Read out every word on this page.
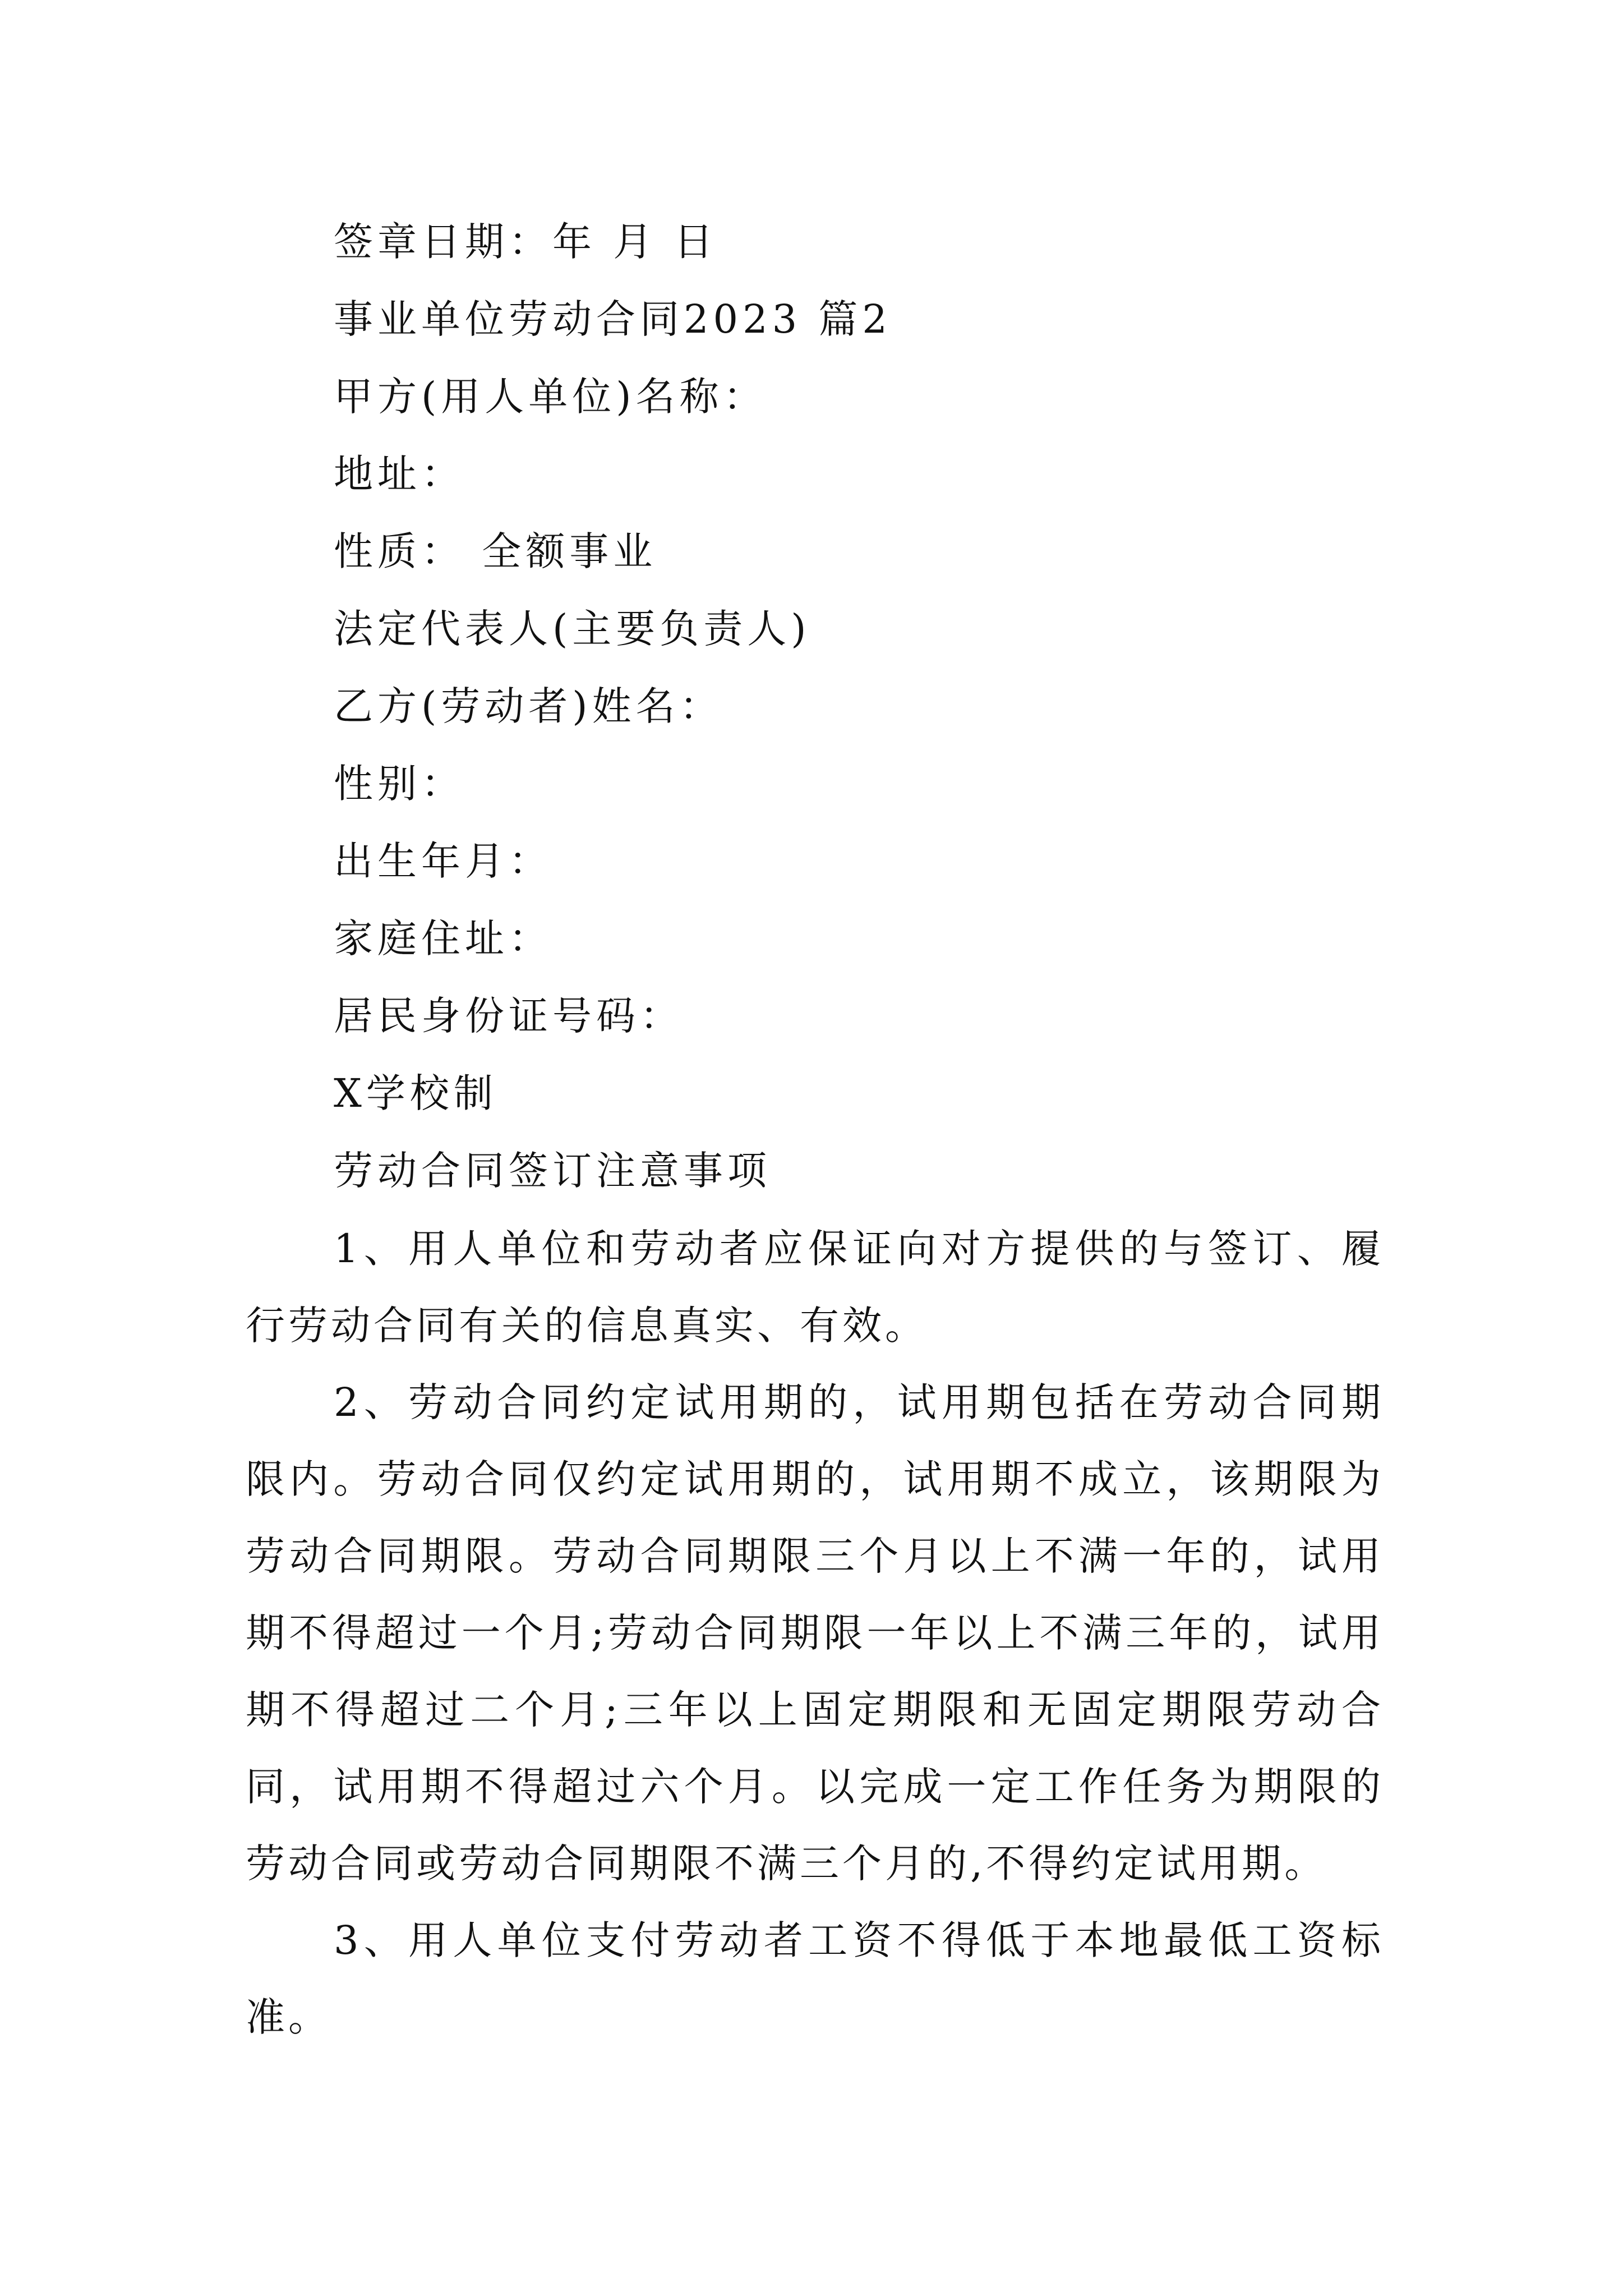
签章日期：年 月 日
事业单位劳动合同2023 篇2
甲方(用人单位)名称：
地址：
性质： 全额事业
法定代表人(主要负责人)
乙方(劳动者)姓名：
性别：
出生年月：
家庭住址：
居民身份证号码：
X学校制
劳动合同签订注意事项
1、用人单位和劳动者应保证向对方提供的与签订、履行劳动合同有关的信息真实、有效。
2、劳动合同约定试用期的，试用期包括在劳动合同期限内。劳动合同仅约定试用期的，试用期不成立，该期限为劳动合同期限。劳动合同期限三个月以上不满一年的，试用期不得超过一个月;劳动合同期限一年以上不满三年的，试用期不得超过二个月;三年以上固定期限和无固定期限劳动合同，试用期不得超过六个月。以完成一定工作任务为期限的劳动合同或劳动合同期限不满三个月的,不得约定试用期。
3、用人单位支付劳动者工资不得低于本地最低工资标准。
